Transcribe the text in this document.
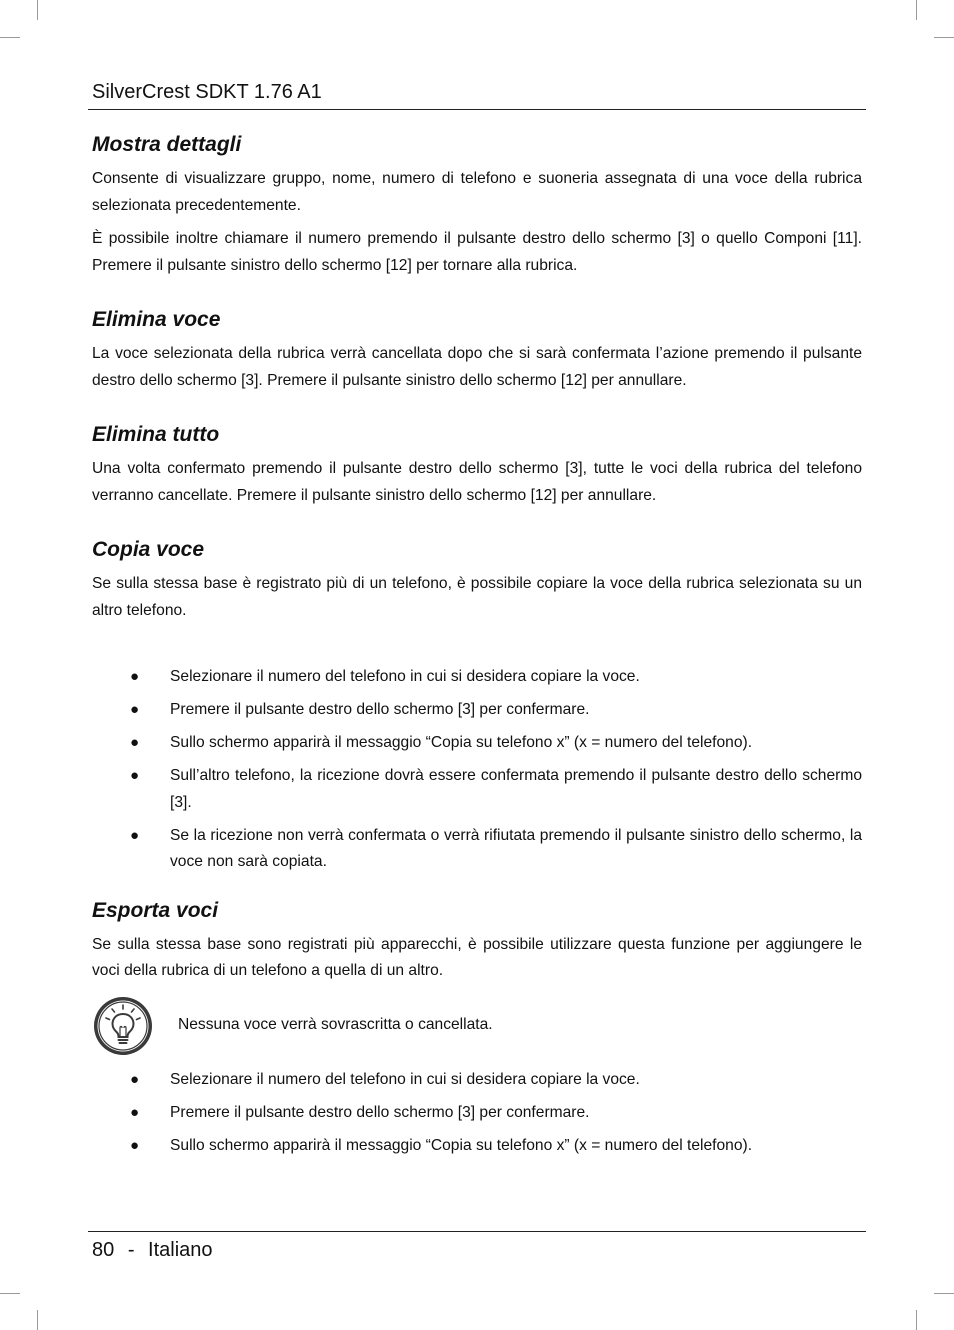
SilverCrest SDKT 1.76 A1
Mostra dettagli

Consente di visualizzare gruppo, nome, numero di telefono e suoneria assegnata di una voce della rubrica selezionata precedentemente.

È possibile inoltre chiamare il numero premendo il pulsante destro dello schermo [3] o quello Componi [11]. Premere il pulsante sinistro dello schermo [12] per tornare alla rubrica.

Elimina voce

La voce selezionata della rubrica verrà cancellata dopo che si sarà confermata l’azione premendo il pulsante destro dello schermo [3]. Premere il pulsante sinistro dello schermo [12] per annullare.

Elimina tutto

Una volta confermato premendo il pulsante destro dello schermo [3], tutte le voci della rubrica del telefono verranno cancellate. Premere il pulsante sinistro dello schermo [12] per annullare.

Copia voce

Se sulla stessa base è registrato più di un telefono, è possibile copiare la voce della rubrica selezionata su un altro telefono.

● Selezionare il numero del telefono in cui si desidera copiare la voce.
● Premere il pulsante destro dello schermo [3] per confermare.
● Sullo schermo apparirà il messaggio “Copia su telefono x” (x = numero del telefono).
● Sull’altro telefono, la ricezione dovrà essere confermata premendo il pulsante destro dello schermo [3].
● Se la ricezione non verrà confermata o verrà rifiutata premendo il pulsante sinistro dello schermo, la voce non sarà copiata.
Esporta voci

Se sulla stessa base sono registrati più apparecchi, è possibile utilizzare questa funzione per aggiungere le voci della rubrica di un telefono a quella di un altro.

Nessuna voce verrà sovrascritta o cancellata.
● Selezionare il numero del telefono in cui si desidera copiare la voce.
● Premere il pulsante destro dello schermo [3] per confermare.
● Sullo schermo apparirà il messaggio “Copia su telefono x” (x = numero del telefono).
80 - Italiano
